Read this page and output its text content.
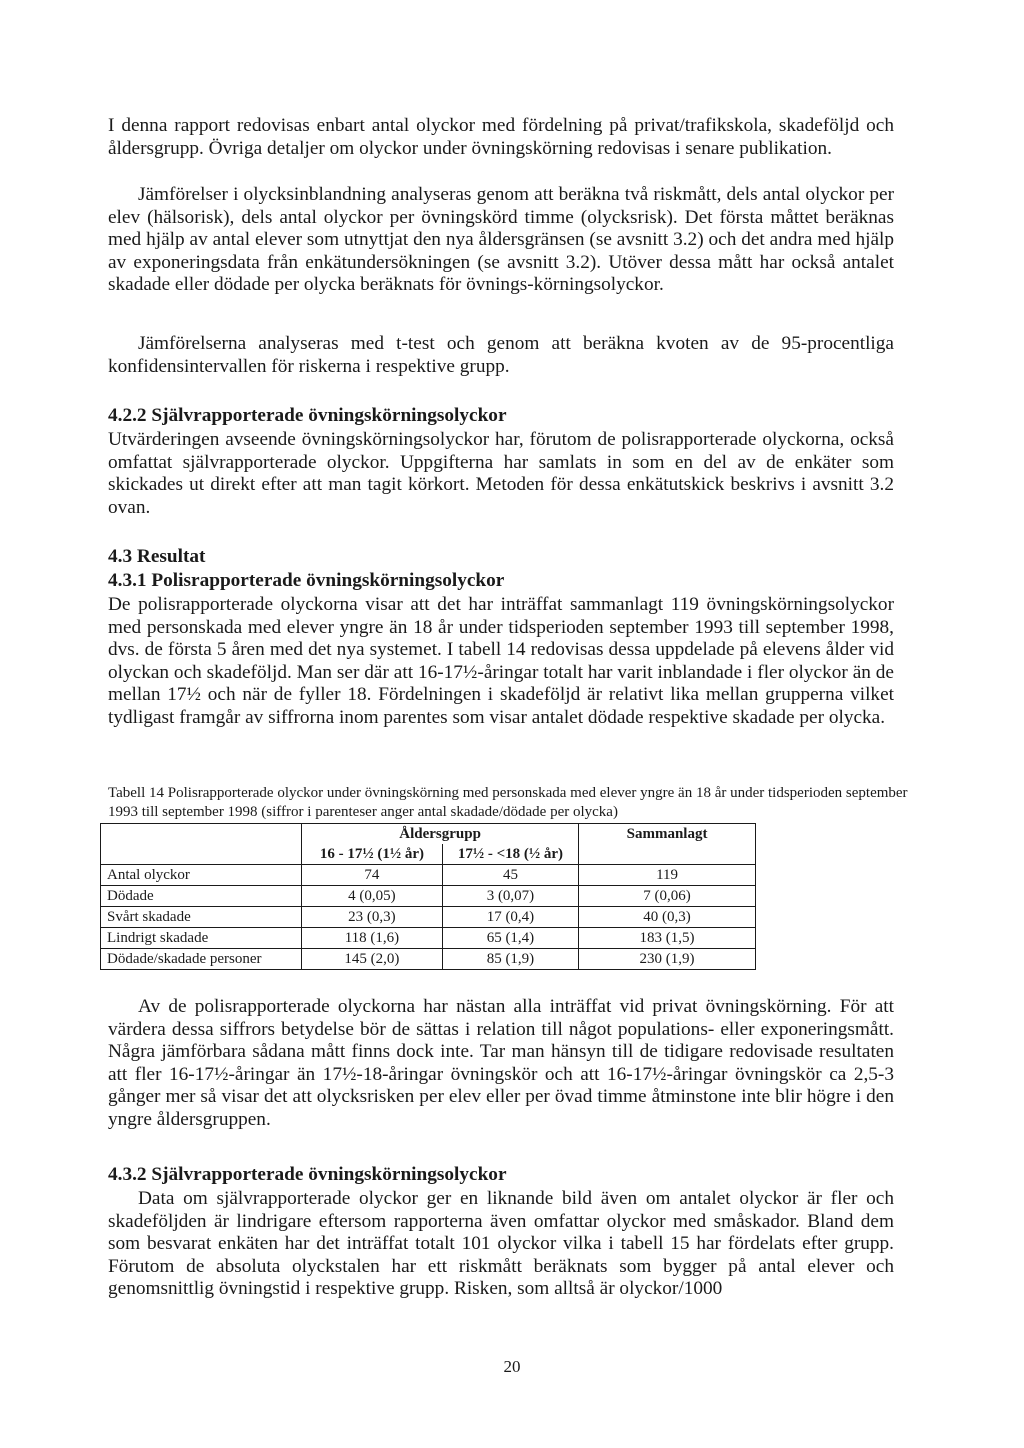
I denna rapport redovisas enbart antal olyckor med fördelning på privat/trafikskola, skadeföljd och åldersgrupp. Övriga detaljer om olyckor under övningskörning redovisas i senare publikation.

Jämförelser i olycksinblandning analyseras genom att beräkna två riskmått, dels antal olyckor per elev (hälsorisk), dels antal olyckor per övningskörd timme (olycksrisk). Det första måttet beräknas med hjälp av antal elever som utnyttjat den nya åldersgränsen (se avsnitt 3.2) och det andra med hjälp av exponeringsdata från enkätundersökningen (se avsnitt 3.2). Utöver dessa mått har också antalet skadade eller dödade per olycka beräknats för övnings-körningsolyckor.

Jämförelserna analyseras med t-test och genom att beräkna kvoten av de 95-procentliga konfidensintervallen för riskerna i respektive grupp.

4.2.2 Självrapporterade övningskörningsolyckor

Utvärderingen avseende övningskörningsolyckor har, förutom de polisrapporterade olyckorna, också omfattat självrapporterade olyckor. Uppgifterna har samlats in som en del av de enkäter som skickades ut direkt efter att man tagit körkort. Metoden för dessa enkätutskick beskrivs i avsnitt 3.2 ovan.

4.3 Resultat
4.3.1 Polisrapporterade övningskörningsolyckor

De polisrapporterade olyckorna visar att det har inträffat sammanlagt 119 övningskörningsolyckor med personskada med elever yngre än 18 år under tidsperioden september 1993 till september 1998, dvs. de första 5 åren med det nya systemet. I tabell 14 redovisas dessa uppdelade på elevens ålder vid olyckan och skadeföljd. Man ser där att 16-17½-åringar totalt har varit inblandade i fler olyckor än de mellan 17½ och när de fyller 18. Fördelningen i skadeföljd är relativt lika mellan grupperna vilket tydligast framgår av siffrorna inom parentes som visar antalet dödade respektive skadade per olycka.

Tabell 14 Polisrapporterade olyckor under övningskörning med personskada med elever yngre än 18 år under tidsperioden september 1993 till september 1998 (siffror i parenteser anger antal skadade/dödade per olycka)

	Åldersgrupp		Sammanlagt
	16 - 17½ (1½ år)	17½ - <18 (½ år)	
Antal olyckor	74	45	119
Dödade	4 (0,05)	3 (0,07)	7 (0,06)
Svårt skadade	23 (0,3)	17 (0,4)	40 (0,3)
Lindrigt skadade	118 (1,6)	65 (1,4)	183 (1,5)
Dödade/skadade personer	145 (2,0)	85 (1,9)	230 (1,9)

Av de polisrapporterade olyckorna har nästan alla inträffat vid privat övningskörning. För att värdera dessa siffrors betydelse bör de sättas i relation till något populations- eller exponeringsmått. Några jämförbara sådana mått finns dock inte. Tar man hänsyn till de tidigare redovisade resultaten att fler 16-17½-åringar än 17½-18-åringar övningskör och att 16-17½-åringar övningskör ca 2,5-3 gånger mer så visar det att olycksrisken per elev eller per övad timme åtminstone inte blir högre i den yngre åldersgruppen.

4.3.2 Självrapporterade övningskörningsolyckor

Data om självrapporterade olyckor ger en liknande bild även om antalet olyckor är fler och skadeföljden är lindrigare eftersom rapporterna även omfattar olyckor med småskador. Bland dem som besvarat enkäten har det inträffat totalt 101 olyckor vilka i tabell 15 har fördelats efter grupp. Förutom de absoluta olyckstalen har ett riskmått beräknats som bygger på antal elever och genomsnittlig övningstid i respektive grupp. Risken, som alltså är olyckor/1000

20
